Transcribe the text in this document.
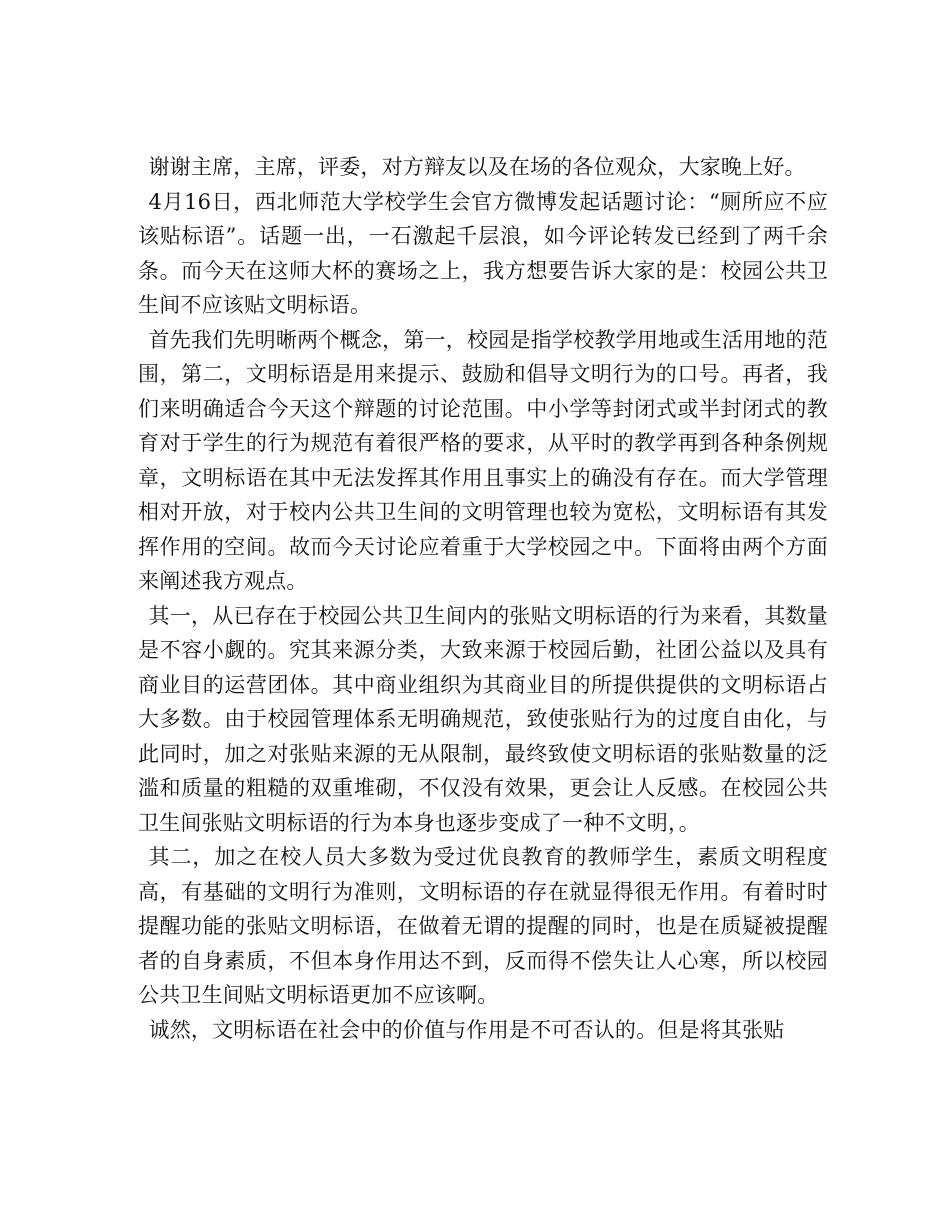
谢谢主席，主席，评委，对方辩友以及在场的各位观众，大家晚上好。

4月16日，西北师范大学校学生会官方微博发起话题讨论：“厕所应不应该贴标语”。话题一出，一石激起千层浪，如今评论转发已经到了两千余条。而今天在这师大杯的赛场之上，我方想要告诉大家的是：校园公共卫生间不应该贴文明标语。

首先我们先明晰两个概念，第一，校园是指学校教学用地或生活用地的范围，第二，文明标语是用来提示、鼓励和倡导文明行为的口号。再者，我们来明确适合今天这个辩题的讨论范围。中小学等封闭式或半封闭式的教育对于学生的行为规范有着很严格的要求，从平时的教学再到各种条例规章，文明标语在其中无法发挥其作用且事实上的确没有存在。而大学管理相对开放，对于校内公共卫生间的文明管理也较为宽松，文明标语有其发挥作用的空间。故而今天讨论应着重于大学校园之中。下面将由两个方面来阐述我方观点。

其一，从已存在于校园公共卫生间内的张贴文明标语的行为来看，其数量是不容小觑的。究其来源分类，大致来源于校园后勤，社团公益以及具有商业目的运营团体。其中商业组织为其商业目的所提供提供的文明标语占大多数。由于校园管理体系无明确规范，致使张贴行为的过度自由化，与此同时，加之对张贴来源的无从限制，最终致使文明标语的张贴数量的泛滥和质量的粗糙的双重堆砌，不仅没有效果，更会让人反感。在校园公共卫生间张贴文明标语的行为本身也逐步变成了一种不文明，。

其二，加之在校人员大多数为受过优良教育的教师学生，素质文明程度高，有基础的文明行为准则，文明标语的存在就显得很无作用。有着时时提醒功能的张贴文明标语，在做着无谓的提醒的同时，也是在质疑被提醒者的自身素质，不但本身作用达不到，反而得不偿失让人心寒，所以校园公共卫生间贴文明标语更加不应该啊。

诚然，文明标语在社会中的价值与作用是不可否认的。但是将其张贴
